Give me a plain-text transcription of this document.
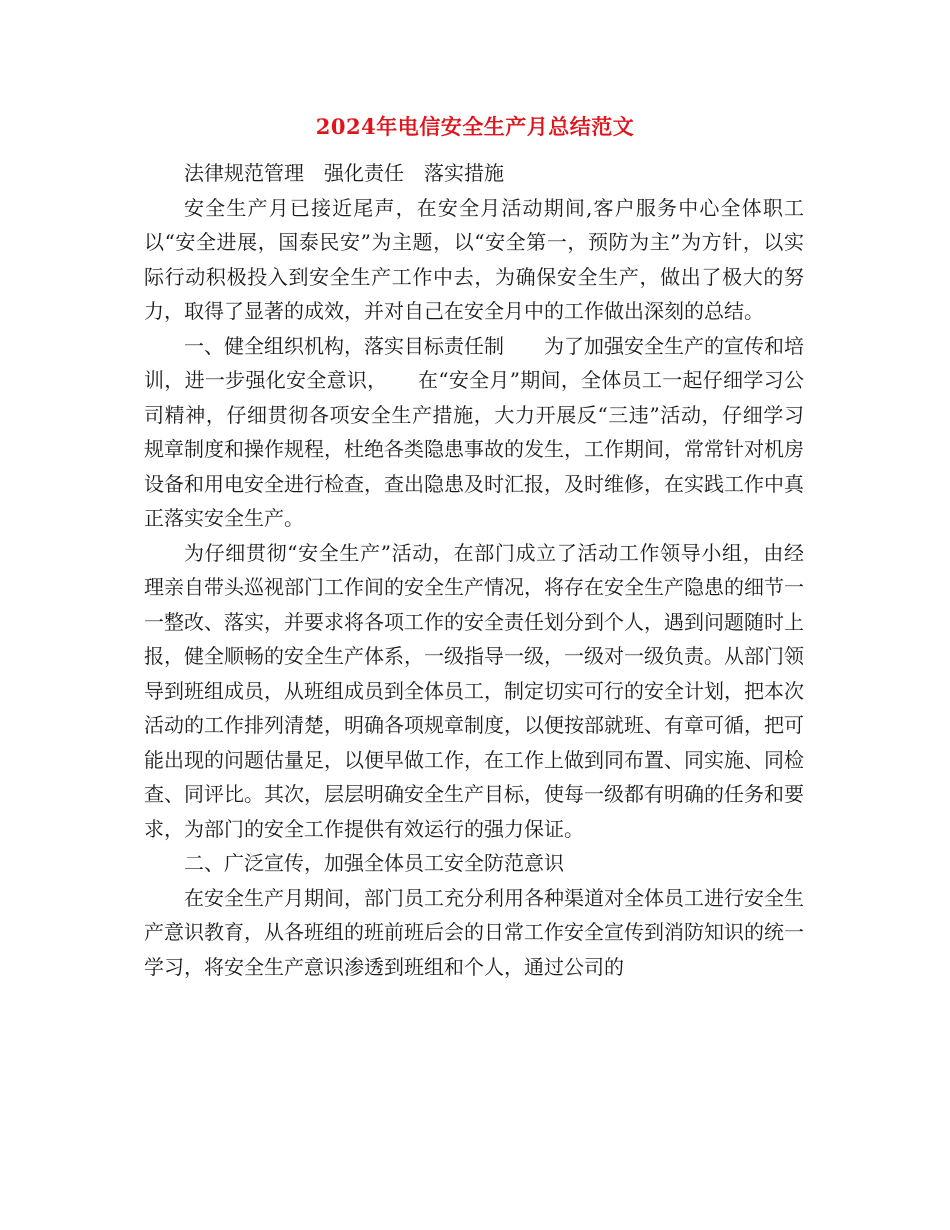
2024年电信安全生产月总结范文

法律规范管理　强化责任　落实措施

安全生产月已接近尾声，在安全月活动期间,客户服务中心全体职工以“安全进展，国泰民安”为主题，以“安全第一，预防为主”为方针，以实际行动积极投入到安全生产工作中去，为确保安全生产，做出了极大的努力，取得了显著的成效，并对自己在安全月中的工作做出深刻的总结。

一、健全组织机构，落实目标责任制　　为了加强安全生产的宣传和培训，进一步强化安全意识，　　在“安全月”期间，全体员工一起仔细学习公司精神，仔细贯彻各项安全生产措施，大力开展反“三违”活动，仔细学习规章制度和操作规程，杜绝各类隐患事故的发生，工作期间，常常针对机房设备和用电安全进行检查，查出隐患及时汇报，及时维修，在实践工作中真正落实安全生产。

为仔细贯彻“安全生产”活动，在部门成立了活动工作领导小组，由经理亲自带头巡视部门工作间的安全生产情况，将存在安全生产隐患的细节一一整改、落实，并要求将各项工作的安全责任划分到个人，遇到问题随时上报，健全顺畅的安全生产体系，一级指导一级，一级对一级负责。从部门领导到班组成员，从班组成员到全体员工，制定切实可行的安全计划，把本次活动的工作排列清楚，明确各项规章制度，以便按部就班、有章可循，把可能出现的问题估量足，以便早做工作，在工作上做到同布置、同实施、同检查、同评比。其次，层层明确安全生产目标，使每一级都有明确的任务和要求，为部门的安全工作提供有效运行的强力保证。

二、广泛宣传，加强全体员工安全防范意识

在安全生产月期间，部门员工充分利用各种渠道对全体员工进行安全生产意识教育，从各班组的班前班后会的日常工作安全宣传到消防知识的统一学习，将安全生产意识渗透到班组和个人，通过公司的
